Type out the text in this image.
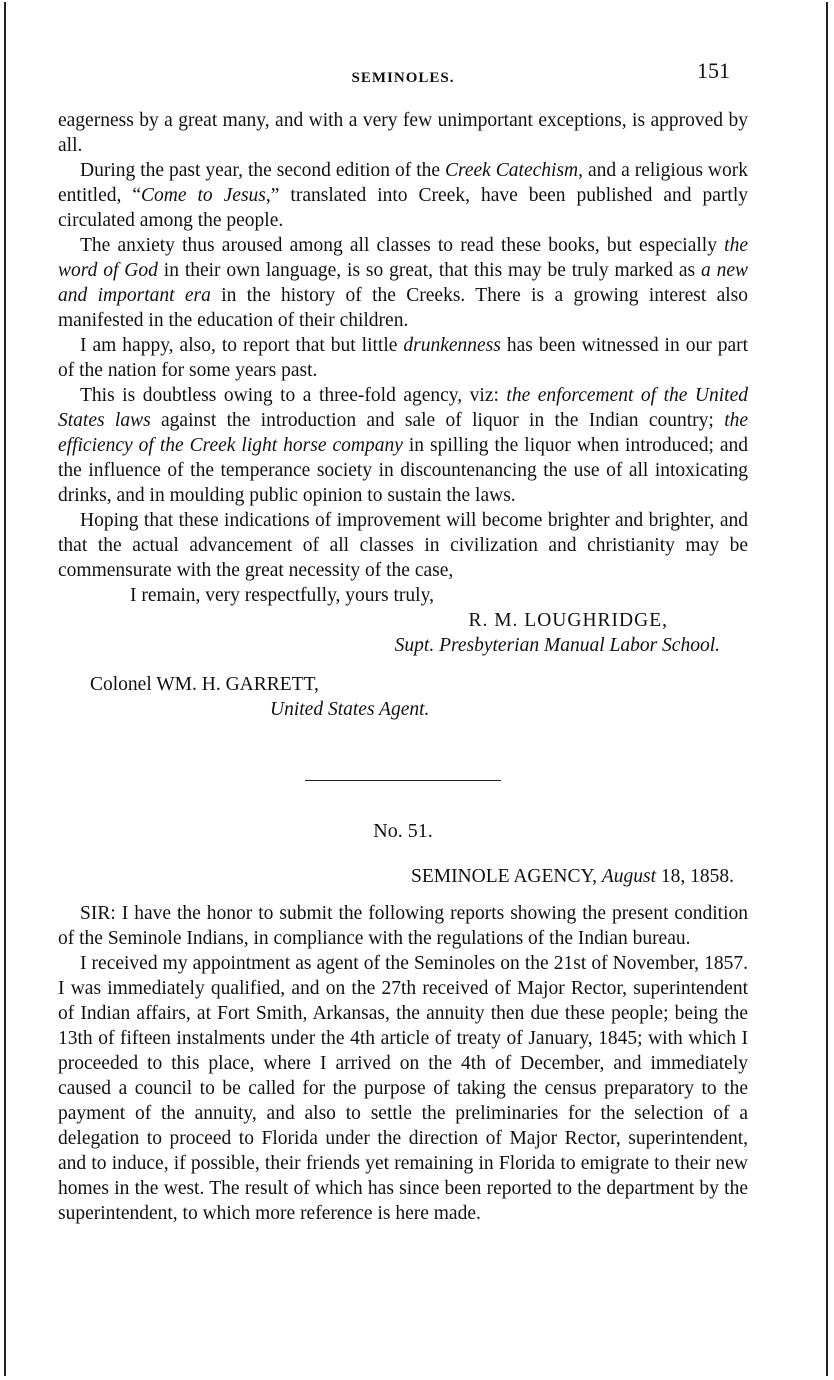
SEMINOLES.	151

eagerness by a great many, and with a very few unimportant exceptions, is approved by all.

During the past year, the second edition of the Creek Catechism, and a religious work entitled, “Come to Jesus,” translated into Creek, have been published and partly circulated among the people.

The anxiety thus aroused among all classes to read these books, but especially the word of God in their own language, is so great, that this may be truly marked as a new and important era in the history of the Creeks. There is a growing interest also manifested in the education of their children.

I am happy, also, to report that but little drunkenness has been witnessed in our part of the nation for some years past.

This is doubtless owing to a three-fold agency, viz: the enforcement of the United States laws against the introduction and sale of liquor in the Indian country; the efficiency of the Creek light horse company in spilling the liquor when introduced; and the influence of the temperance society in discountenancing the use of all intoxicating drinks, and in moulding public opinion to sustain the laws.

Hoping that these indications of improvement will become brighter and brighter, and that the actual advancement of all classes in civilization and christianity may be commensurate with the great necessity of the case,

I remain, very respectfully, yours truly,

R. M. LOUGHRIDGE,
Supt. Presbyterian Manual Labor School.
Colonel WM. H. GARRETT,
United States Agent.
No. 51.
SEMINOLE AGENCY, August 18, 1858.

SIR: I have the honor to submit the following reports showing the present condition of the Seminole Indians, in compliance with the regulations of the Indian bureau.

I received my appointment as agent of the Seminoles on the 21st of November, 1857. I was immediately qualified, and on the 27th received of Major Rector, superintendent of Indian affairs, at Fort Smith, Arkansas, the annuity then due these people; being the 13th of fifteen instalments under the 4th article of treaty of January, 1845; with which I proceeded to this place, where I arrived on the 4th of December, and immediately caused a council to be called for the purpose of taking the census preparatory to the payment of the annuity, and also to settle the preliminaries for the selection of a delegation to proceed to Florida under the direction of Major Rector, superintendent, and to induce, if possible, their friends yet remaining in Florida to emigrate to their new homes in the west. The result of which has since been reported to the department by the superintendent, to which more reference is here made.
